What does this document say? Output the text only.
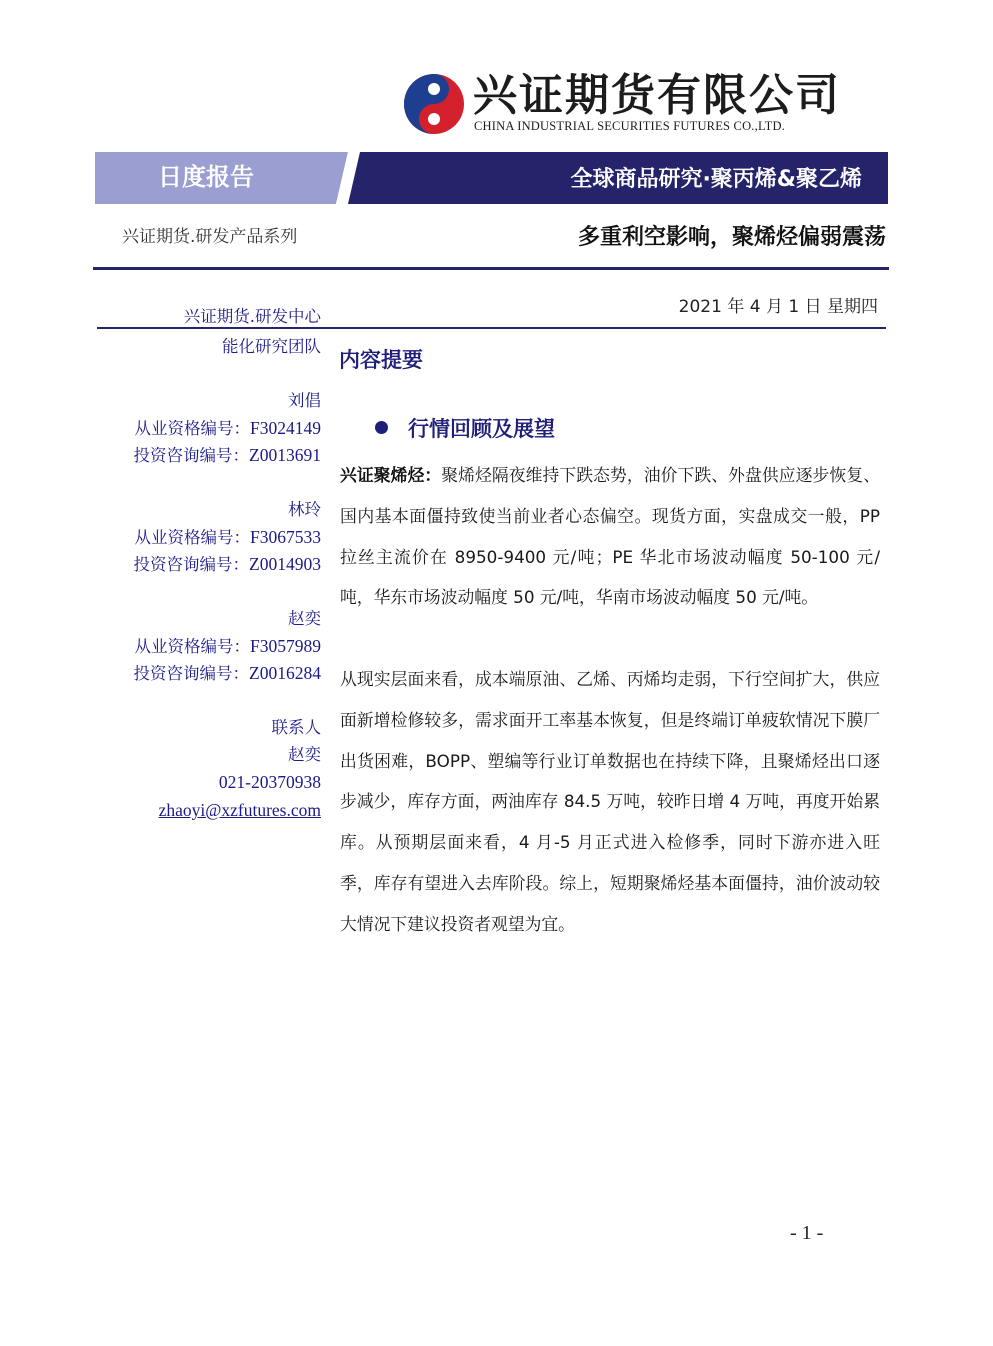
兴证期货有限公司
CHINA INDUSTRIAL SECURITIES FUTURES CO.,LTD.
日度报告	全球商品研究·聚丙烯&聚乙烯
兴证期货.研发产品系列	多重利空影响，聚烯烃偏弱震荡
2021 年 4 月 1 日 星期四
兴证期货.研发中心
能化研究团队
刘倡
从业资格编号：F3024149
投资咨询编号：Z0013691
林玲
从业资格编号：F3067533
投资咨询编号：Z0014903
赵奕
从业资格编号：F3057989
投资咨询编号：Z0016284
联系人
赵奕
021-20370938
zhaoyi@xzfutures.com
内容提要
行情回顾及展望
兴证聚烯烃：聚烯烃隔夜维持下跌态势，油价下跌、外盘供应逐步恢复、国内基本面僵持致使当前业者心态偏空。现货方面，实盘成交一般，PP 拉丝主流价在 8950-9400 元/吨；PE 华北市场波动幅度 50-100 元/吨，华东市场波动幅度 50 元/吨，华南市场波动幅度 50 元/吨。
从现实层面来看，成本端原油、乙烯、丙烯均走弱，下行空间扩大，供应面新增检修较多，需求面开工率基本恢复，但是终端订单疲软情况下膜厂出货困难，BOPP、塑编等行业订单数据也在持续下降，且聚烯烃出口逐步减少，库存方面，两油库存 84.5 万吨，较昨日增 4 万吨，再度开始累库。从预期层面来看，4 月-5 月正式进入检修季，同时下游亦进入旺季，库存有望进入去库阶段。综上，短期聚烯烃基本面僵持，油价波动较大情况下建议投资者观望为宜。
- 1 -
